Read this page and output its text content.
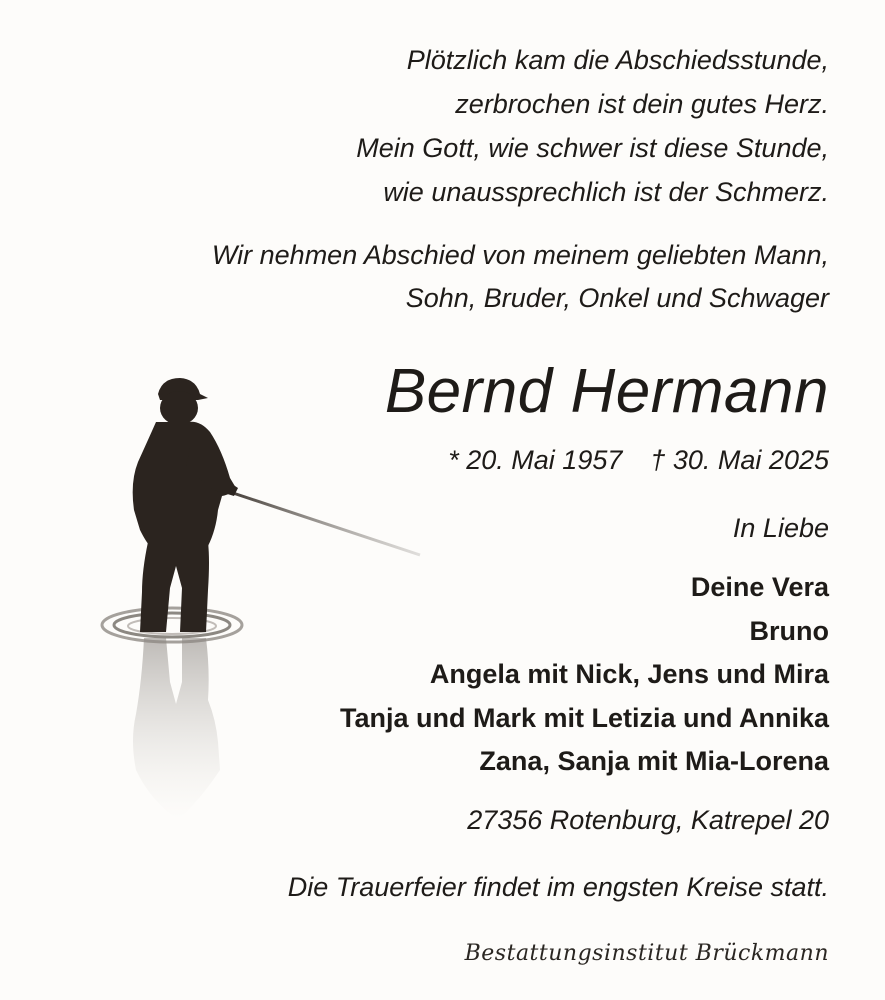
Plötzlich kam die Abschiedsstunde,
zerbrochen ist dein gutes Herz.
Mein Gott, wie schwer ist diese Stunde,
wie unaussprechlich ist der Schmerz.
Wir nehmen Abschied von meinem geliebten Mann,
Sohn, Bruder, Onkel und Schwager
Bernd Hermann
* 20. Mai 1957 † 30. Mai 2025
In Liebe
Deine Vera
Bruno
Angela mit Nick, Jens und Mira
Tanja und Mark mit Letizia und Annika
Zana, Sanja mit Mia-Lorena
27356 Rotenburg, Katrepel 20
Die Trauerfeier findet im engsten Kreise statt.
Bestattungsinstitut Brückmann
